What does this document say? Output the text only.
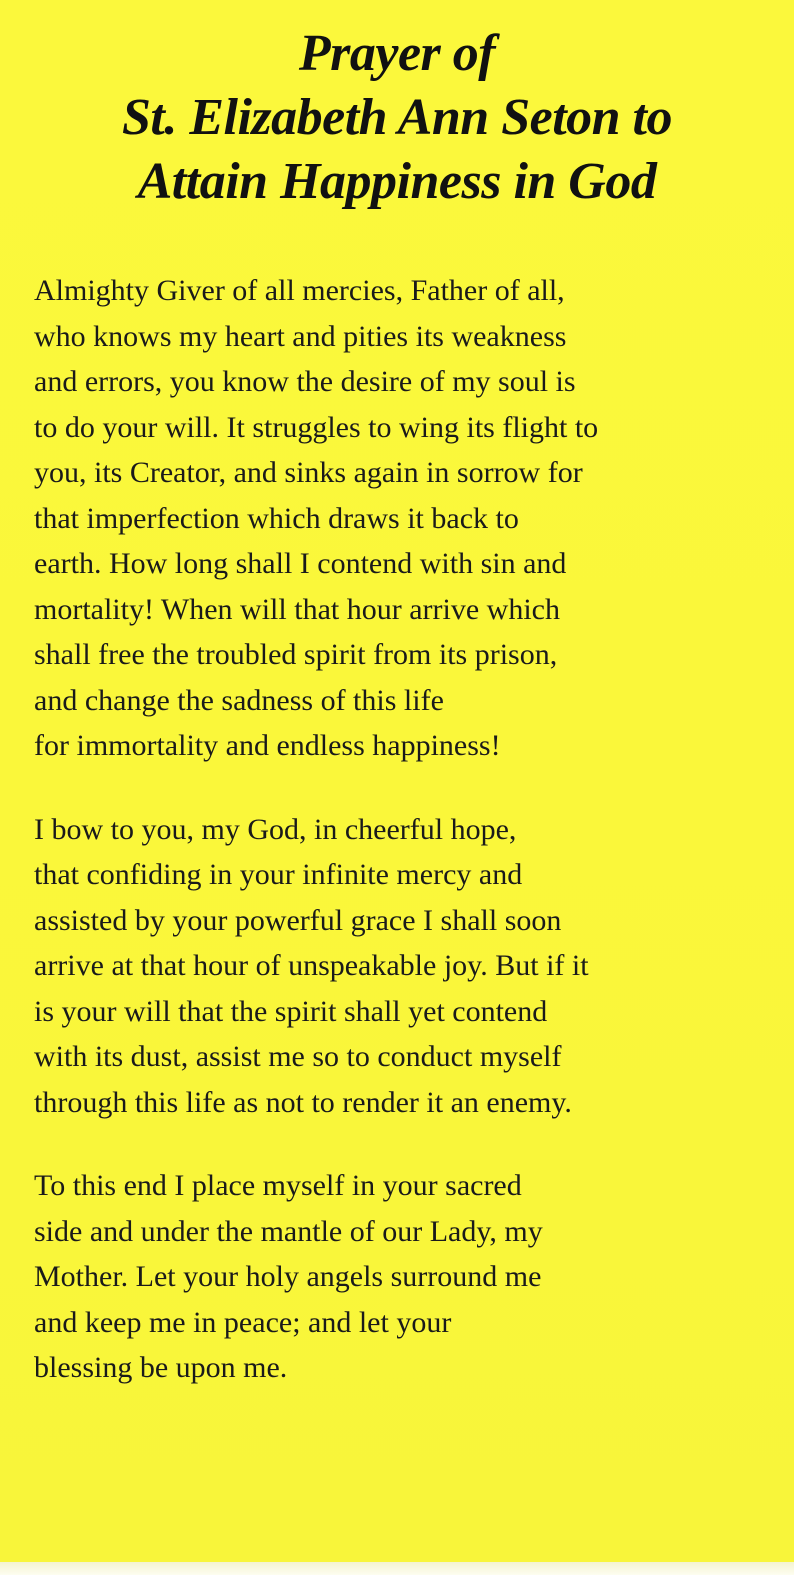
Prayer of
St. Elizabeth Ann Seton to
Attain Happiness in God

Almighty Giver of all mercies, Father of all,
who knows my heart and pities its weakness
and errors, you know the desire of my soul is
to do your will. It struggles to wing its flight to
you, its Creator, and sinks again in sorrow for
that imperfection which draws it back to
earth. How long shall I contend with sin and
mortality! When will that hour arrive which
shall free the troubled spirit from its prison,
and change the sadness of this life
for immortality and endless happiness!

I bow to you, my God, in cheerful hope,
that confiding in your infinite mercy and
assisted by your powerful grace I shall soon
arrive at that hour of unspeakable joy. But if it
is your will that the spirit shall yet contend
with its dust, assist me so to conduct myself
through this life as not to render it an enemy.

To this end I place myself in your sacred
side and under the mantle of our Lady, my
Mother. Let your holy angels surround me
and keep me in peace; and let your
blessing be upon me.
